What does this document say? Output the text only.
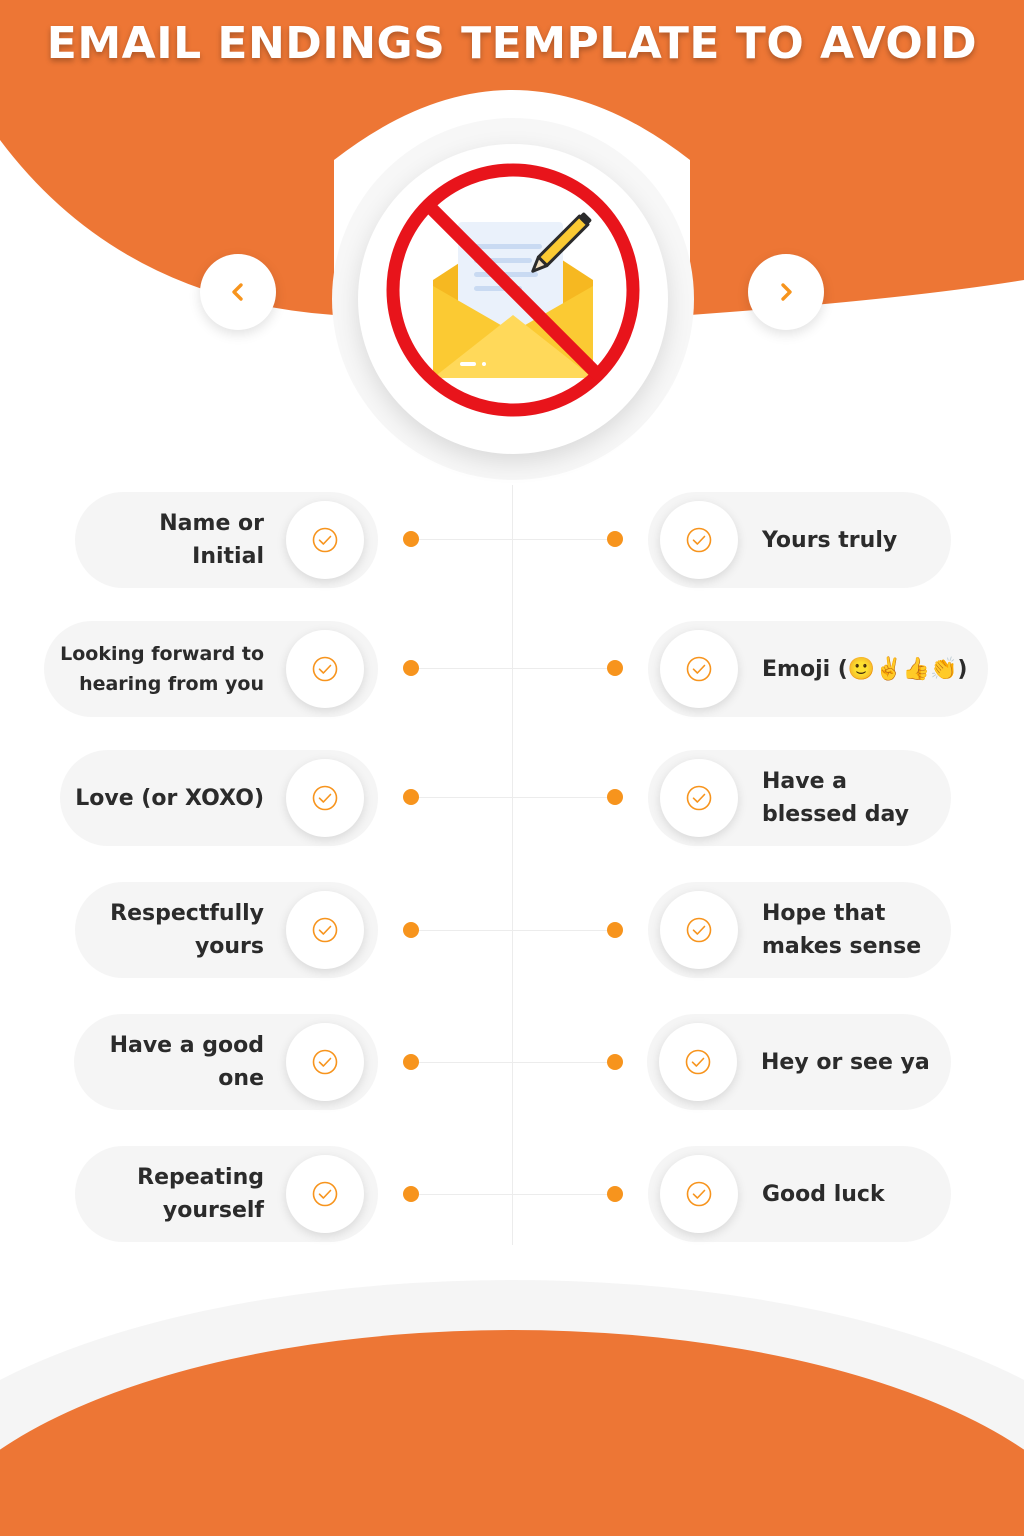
EMAIL ENDINGS TEMPLATE TO AVOID
Name or
Initial
Yours truly
Looking forward to
hearing from you
Emoji (🙂✌️👍👏)
Love (or XOXO)
Have a
blessed day
Respectfully
yours
Hope that
makes sense
Have a good
one
Hey or see ya
Repeating
yourself
Good luck
